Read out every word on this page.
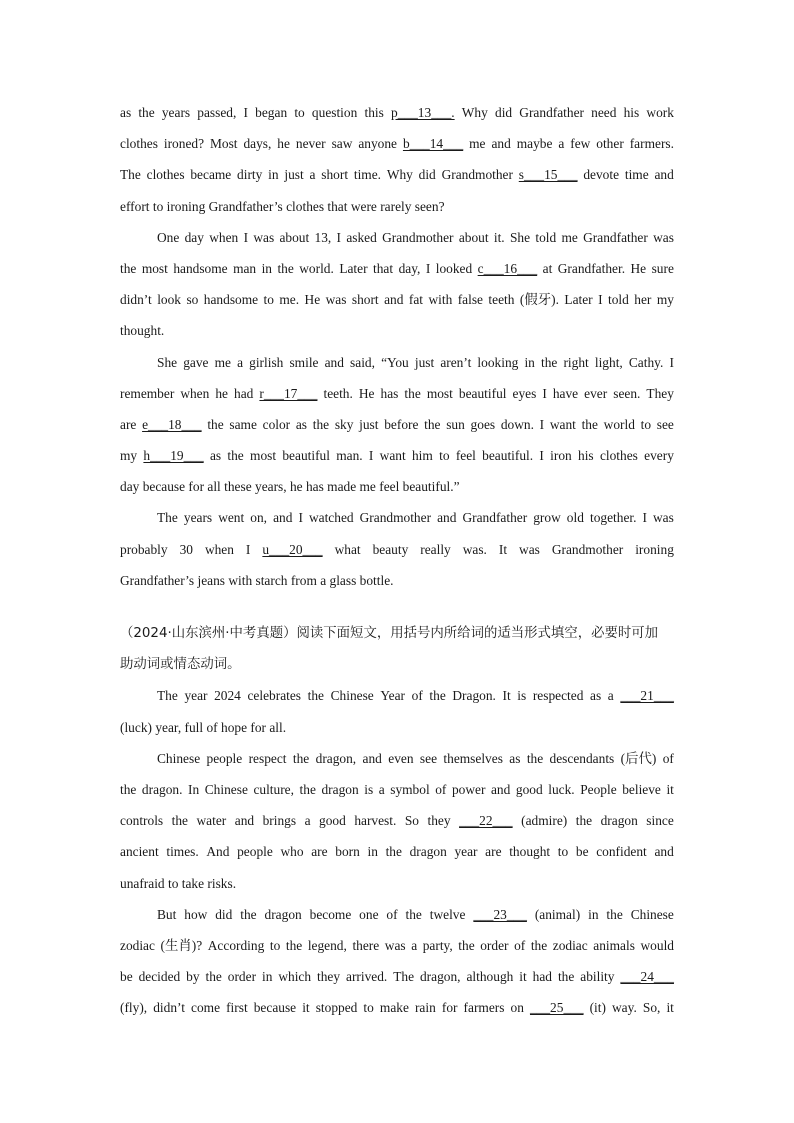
as the years passed, I began to question this p___13___. Why did Grandfather need his work
clothes ironed? Most days, he never saw anyone b___14___ me and maybe a few other farmers.
The clothes became dirty in just a short time. Why did Grandmother s___15___ devote time and
effort to ironing Grandfather’s clothes that were rarely seen?
One day when I was about 13, I asked Grandmother about it. She told me Grandfather was
the most handsome man in the world. Later that day, I looked c___16___ at Grandfather. He sure
didn’t look so handsome to me. He was short and fat with false teeth (假牙). Later I told her my
thought.
She gave me a girlish smile and said, “You just aren’t looking in the right light, Cathy. I
remember when he had r___17___ teeth. He has the most beautiful eyes I have ever seen. They
are e___18___ the same color as the sky just before the sun goes down. I want the world to see
my h___19___ as the most beautiful man. I want him to feel beautiful. I iron his clothes every
day because for all these years, he has made me feel beautiful.”
The years went on, and I watched Grandmother and Grandfather grow old together. I was
probably 30 when I u___20___ what beauty really was. It was Grandmother ironing
Grandfather’s jeans with starch from a glass bottle.
（2024·山东滨州·中考真题）阅读下面短文，用括号内所给词的适当形式填空，必要时可加
助动词或情态动词。
The year 2024 celebrates the Chinese Year of the Dragon. It is respected as a ___21___
(luck) year, full of hope for all.
Chinese people respect the dragon, and even see themselves as the descendants (后代) of
the dragon. In Chinese culture, the dragon is a symbol of power and good luck. People believe it
controls the water and brings a good harvest. So they ___22___ (admire) the dragon since
ancient times. And people who are born in the dragon year are thought to be confident and
unafraid to take risks.
But how did the dragon become one of the twelve ___23___ (animal) in the Chinese
zodiac (生肖)? According to the legend, there was a party, the order of the zodiac animals would
be decided by the order in which they arrived. The dragon, although it had the ability ___24___
(fly), didn’t come first because it stopped to make rain for farmers on ___25___ (it) way. So, it
